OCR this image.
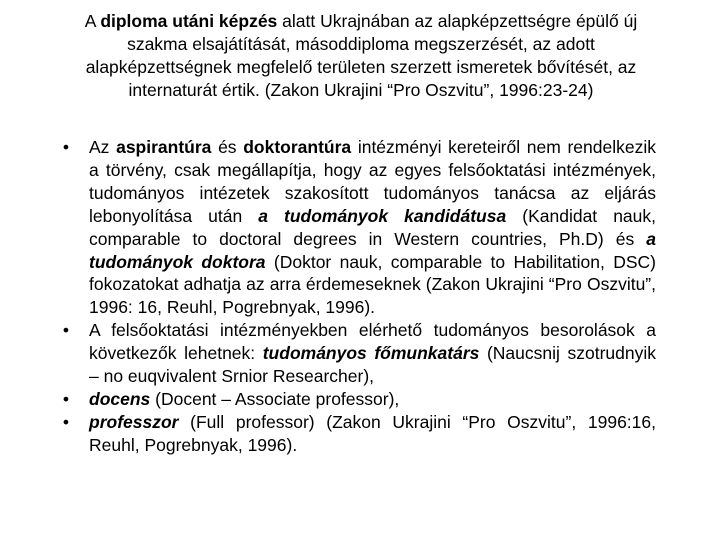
A diploma utáni képzés alatt Ukrajnában az alapképzettségre épülő új szakma elsajátítását, másoddiploma megszerzését, az adott alapképzettségnek megfelelő területen szerzett ismeretek bővítését, az internaturát értik. (Zakon Ukrajini “Pro Oszvitu”, 1996:23-24)

• Az aspirantúra és doktorantúra intézményi kereteiről nem rendelkezik a törvény, csak megállapítja, hogy az egyes felsőoktatási intézmények, tudományos intézetek szakosított tudományos tanácsa az eljárás lebonyolítása után a tudományok kandidátusa (Kandidat nauk, comparable to doctoral degrees in Western countries, Ph.D) és a tudományok doktora (Doktor nauk, comparable to Habilitation, DSC) fokozatokat adhatja az arra érdemeseknek (Zakon Ukrajini “Pro Oszvitu”, 1996: 16, Reuhl, Pogrebnyak, 1996).
• A felsőoktatási intézményekben elérhető tudományos besorolások a következők lehetnek: tudományos főmunkatárs (Naucsnij szotrudnyik – no euqvivalent Srnior Researcher),
• docens (Docent – Associate professor),
• professzor (Full professor) (Zakon Ukrajini “Pro Oszvitu”, 1996:16, Reuhl, Pogrebnyak, 1996).
